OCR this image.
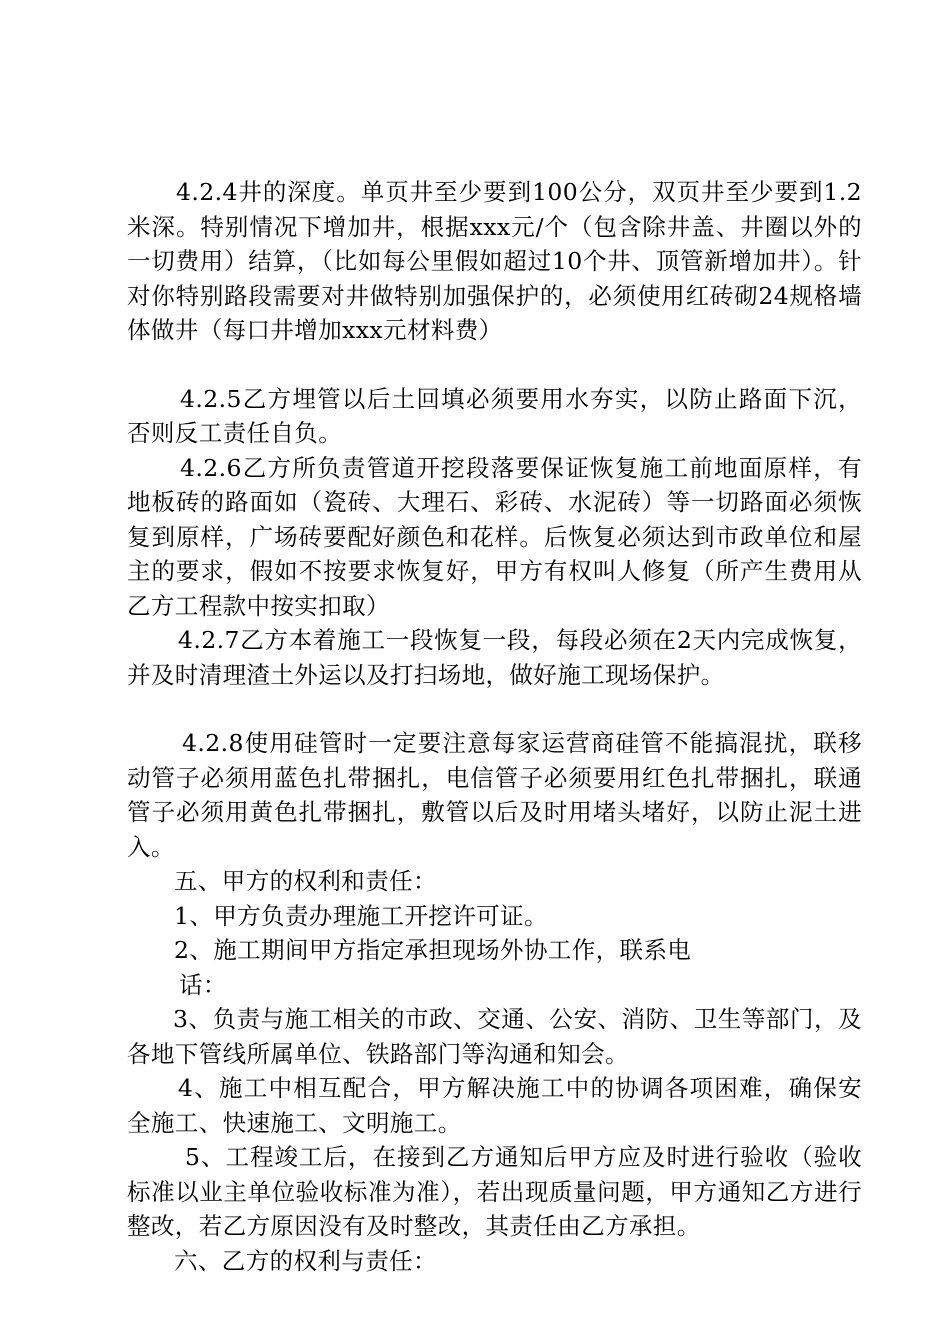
4.2.4井的深度。单页井至少要到100公分，双页井至少要到1.2米深。特别情况下增加井，根据xxx元/个（包含除井盖、井圈以外的一切费用）结算，（比如每公里假如超过10个井、顶管新增加井）。针对你特别路段需要对井做特别加强保护的，必须使用红砖砌24规格墙体做井（每口井增加xxx元材料费）

4.2.5乙方埋管以后土回填必须要用水夯实，以防止路面下沉，否则反工责任自负。

4.2.6乙方所负责管道开挖段落要保证恢复施工前地面原样，有地板砖的路面如（瓷砖、大理石、彩砖、水泥砖）等一切路面必须恢复到原样，广场砖要配好颜色和花样。后恢复必须达到市政单位和屋主的要求，假如不按要求恢复好，甲方有权叫人修复（所产生费用从乙方工程款中按实扣取）

4.2.7乙方本着施工一段恢复一段，每段必须在2天内完成恢复，并及时清理渣土外运以及打扫场地，做好施工现场保护。

4.2.8使用硅管时一定要注意每家运营商硅管不能搞混扰，联移动管子必须用蓝色扎带捆扎，电信管子必须要用红色扎带捆扎，联通管子必须用黄色扎带捆扎，敷管以后及时用堵头堵好，以防止泥土进入。

五、甲方的权利和责任：

1、甲方负责办理施工开挖许可证。

2、施工期间甲方指定承担现场外协工作，联系电

话：

3、负责与施工相关的市政、交通、公安、消防、卫生等部门，及各地下管线所属单位、铁路部门等沟通和知会。

4、施工中相互配合，甲方解决施工中的协调各项困难，确保安全施工、快速施工、文明施工。

5、工程竣工后，在接到乙方通知后甲方应及时进行验收（验收标准以业主单位验收标准为准），若出现质量问题，甲方通知乙方进行整改，若乙方原因没有及时整改，其责任由乙方承担。

六、乙方的权利与责任：
